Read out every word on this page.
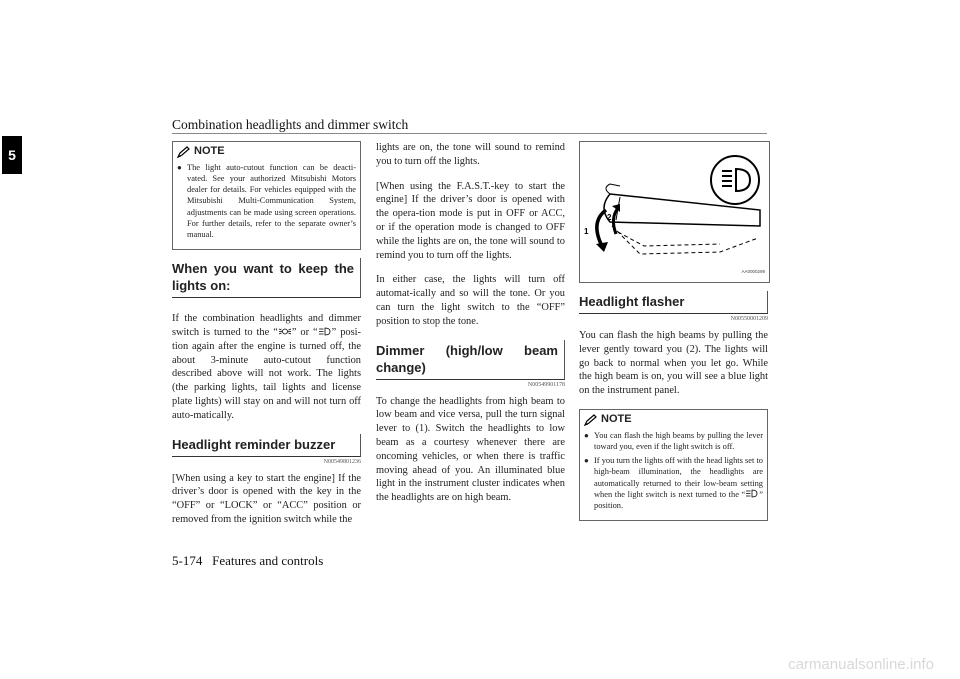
Combination headlights and dimmer switch
5	NOTE
● The light auto-cutout function can be deacti-vated. See your authorized Mitsubishi Motors dealer for details. For vehicles equipped with the Mitsubishi Multi-Communication System, adjustments can be made using screen operations. For further details, refer to the separate owner’s manual.
When you want to keep the lights on:

If the combination headlights and dimmer switch is turned to the “ ” or “ ” posi-tion again after the engine is turned off, the about 3-minute auto-cutout function described above will not work. The lights (the parking lights, tail lights and license plate lights) will stay on and will not turn off auto-matically.

Headlight reminder buzzer
N00549801236

[When using a key to start the engine] If the driver’s door is opened with the key in the “OFF” or “LOCK” or “ACC” position or removed from the ignition switch while the

lights are on, the tone will sound to remind you to turn off the lights.

[When using the F.A.S.T.-key to start the engine] If the driver’s door is opened with the opera-tion mode is put in OFF or ACC, or if the operation mode is changed to OFF while the lights are on, the tone will sound to remind you to turn off the lights.

In either case, the lights will turn off automat-ically and so will the tone. Or you can turn the light switch to the “OFF” position to stop the tone.

Dimmer (high/low beam change)
N00549901178

To change the headlights from high beam to low beam and vice versa, pull the turn signal lever to (1). Switch the headlights to low beam as a courtesy whenever there are oncoming vehicles, or when there is traffic moving ahead of you. An illuminated blue light in the instrument cluster indicates when the headlights are on high beam.

1
2
AA0000299
Headlight flasher
N00550001209

You can flash the high beams by pulling the lever gently toward you (2). The lights will go back to normal when you let go. While the high beam is on, you will see a blue light on the instrument panel.

NOTE
● You can flash the high beams by pulling the lever toward you, even if the light switch is off.
● If you turn the lights off with the head lights set to high-beam illumination, the headlights are automatically returned to their low-beam setting when the light switch is next turned to the “ ” position.
5-174 Features and controls
carmanualsonline.info
